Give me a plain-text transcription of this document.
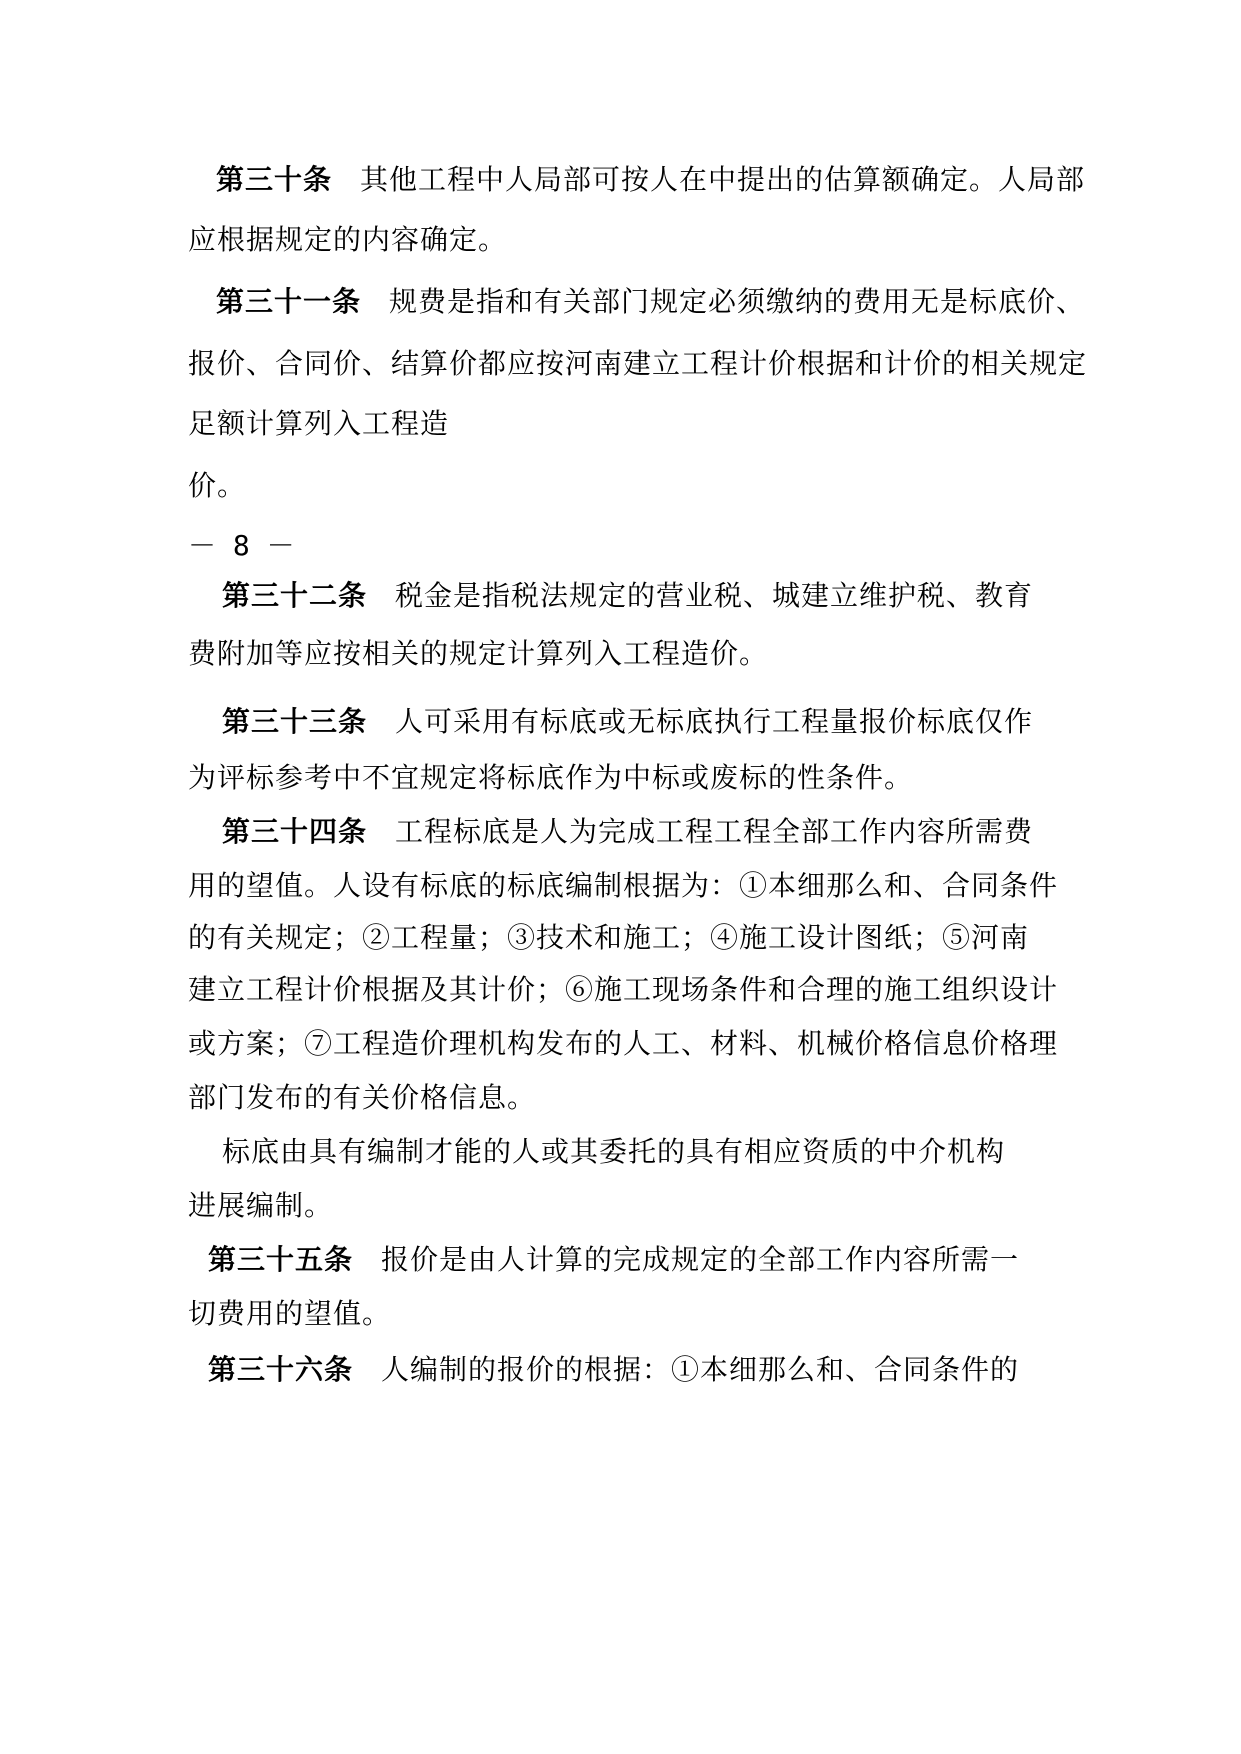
第三十条 其他工程中人局部可按人在中提出的估算额确定。人局部
应根据规定的内容确定。
第三十一条 规费是指和有关部门规定必须缴纳的费用无是标底价、
报价、合同价、结算价都应按河南建立工程计价根据和计价的相关规定
足额计算列入工程造
价。
－ 8 －
第三十二条 税金是指税法规定的营业税、城建立维护税、教育
费附加等应按相关的规定计算列入工程造价。
第三十三条 人可采用有标底或无标底执行工程量报价标底仅作
为评标参考中不宜规定将标底作为中标或废标的性条件。
第三十四条 工程标底是人为完成工程工程全部工作内容所需费
用的望值。人设有标底的标底编制根据为：①本细那么和、合同条件
的有关规定；②工程量；③技术和施工；④施工设计图纸；⑤河南
建立工程计价根据及其计价；⑥施工现场条件和合理的施工组织设计
或方案；⑦工程造价理机构发布的人工、材料、机械价格信息价格理
部门发布的有关价格信息。
标底由具有编制才能的人或其委托的具有相应资质的中介机构
进展编制。
第三十五条 报价是由人计算的完成规定的全部工作内容所需一
切费用的望值。
第三十六条 人编制的报价的根据：①本细那么和、合同条件的
